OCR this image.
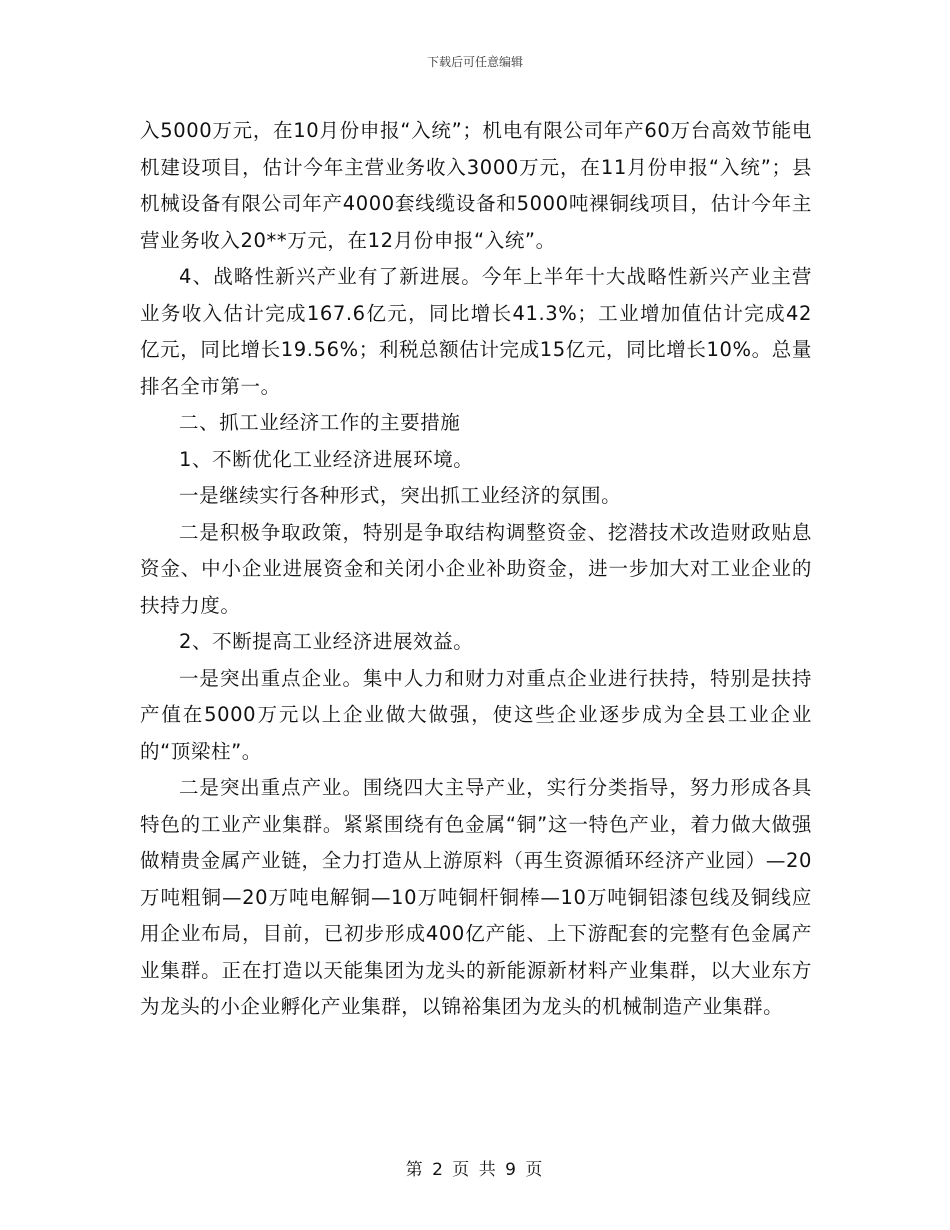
下载后可任意编辑

入5000万元，在10月份申报“入统”；机电有限公司年产60万台高效节能电机建设项目，估计今年主营业务收入3000万元，在11月份申报“入统”；县机械设备有限公司年产4000套线缆设备和5000吨裸铜线项目，估计今年主营业务收入20**万元，在12月份申报“入统”。

4、战略性新兴产业有了新进展。今年上半年十大战略性新兴产业主营业务收入估计完成167.6亿元，同比增长41.3%；工业增加值估计完成42亿元，同比增长19.56%；利税总额估计完成15亿元，同比增长10%。总量排名全市第一。

二、抓工业经济工作的主要措施

1、不断优化工业经济进展环境。

一是继续实行各种形式，突出抓工业经济的氛围。

二是积极争取政策，特别是争取结构调整资金、挖潜技术改造财政贴息资金、中小企业进展资金和关闭小企业补助资金，进一步加大对工业企业的扶持力度。

2、不断提高工业经济进展效益。

一是突出重点企业。集中人力和财力对重点企业进行扶持，特别是扶持产值在5000万元以上企业做大做强，使这些企业逐步成为全县工业企业的“顶梁柱”。

二是突出重点产业。围绕四大主导产业，实行分类指导，努力形成各具特色的工业产业集群。紧紧围绕有色金属“铜”这一特色产业，着力做大做强做精贵金属产业链，全力打造从上游原料（再生资源循环经济产业园）—20万吨粗铜—20万吨电解铜—10万吨铜杆铜棒—10万吨铜铝漆包线及铜线应用企业布局，目前，已初步形成400亿产能、上下游配套的完整有色金属产业集群。正在打造以天能集团为龙头的新能源新材料产业集群，以大业东方为龙头的小企业孵化产业集群，以锦裕集团为龙头的机械制造产业集群。

第 2 页 共 9 页
